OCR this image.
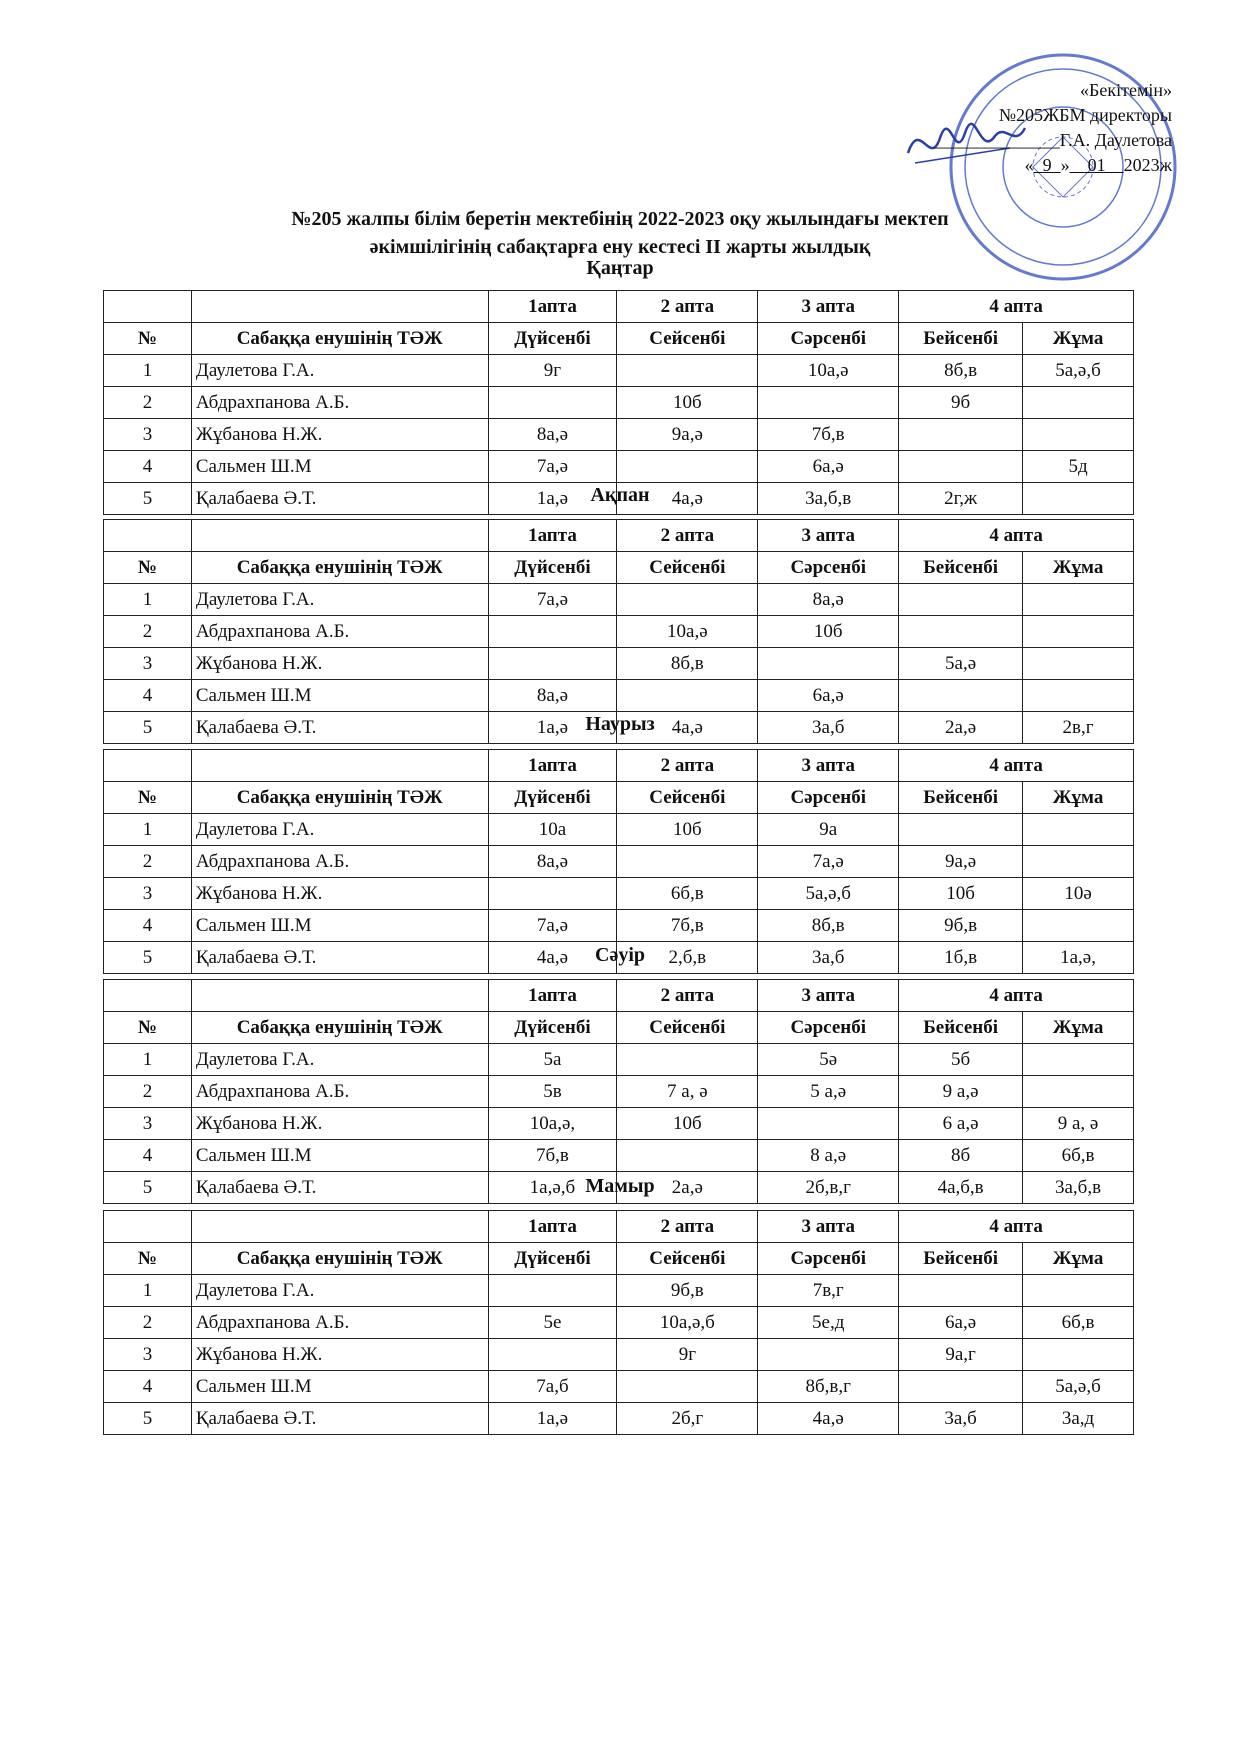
«Бекітемін»
№205ЖБМ директоры
______________Г.А. Даулетова
« 9 » 01 2023ж
№205 жалпы білім беретін мектебінің 2022-2023 оқу жылындағы мектеп
әкімшілігінің сабақтарға ену кестесі ІІ жарты жылдық
Қаңтар
		1апта	2 апта	3 апта	4 апта	
№	Сабаққа енушінің ТӘЖ	Дүйсенбі	Сейсенбі	Сәрсенбі	Бейсенбі	Жұма
1	Даулетова Г.А.	9г		10а,ә	8б,в	5а,ә,б
2	Абдрахпанова А.Б.		10б		9б	
3	Жұбанова Н.Ж.	8а,ә	9а,ә	7б,в		
4	Сальмен Ш.М	7а,ә		6а,ә		5д
5	Қалабаева Ә.Т.	1а,ә	4а,ә	3а,б,в	2г,ж	
Ақпан
		1апта	2 апта	3 апта	4 апта	
№	Сабаққа енушінің ТӘЖ	Дүйсенбі	Сейсенбі	Сәрсенбі	Бейсенбі	Жұма
1	Даулетова Г.А.	7а,ә		8а,ә		
2	Абдрахпанова А.Б.		10а,ә	10б		
3	Жұбанова Н.Ж.		8б,в		5а,ә	
4	Сальмен Ш.М	8а,ә		6а,ә		
5	Қалабаева Ә.Т.	1а,ә	4а,ә	3а,б	2а,ә	2в,г
Наурыз
		1апта	2 апта	3 апта	4 апта	
№	Сабаққа енушінің ТӘЖ	Дүйсенбі	Сейсенбі	Сәрсенбі	Бейсенбі	Жұма
1	Даулетова Г.А.	10а	10б	9а		
2	Абдрахпанова А.Б.	8а,ә		7а,ә	9а,ә	
3	Жұбанова Н.Ж.		6б,в	5а,ә,б	10б	10ә
4	Сальмен Ш.М	7а,ә	7б,в	8б,в	9б,в	
5	Қалабаева Ә.Т.	4а,ә	2,б,в	3а,б	1б,в	1а,ә,
Сәуір
		1апта	2 апта	3 апта	4 апта	
№	Сабаққа енушінің ТӘЖ	Дүйсенбі	Сейсенбі	Сәрсенбі	Бейсенбі	Жұма
1	Даулетова Г.А.	5а		5ә	5б	
2	Абдрахпанова А.Б.	5в	7 а, ә	5 а,ә	9 а,ә	
3	Жұбанова Н.Ж.	10а,ә,	10б		6 а,ә	9 а, ә
4	Сальмен Ш.М	7б,в		8 а,ә	8б	6б,в
5	Қалабаева Ә.Т.	1а,ә,б	2а,ә	2б,в,г	4а,б,в	3а,б,в
Мамыр
		1апта	2 апта	3 апта	4 апта	
№	Сабаққа енушінің ТӘЖ	Дүйсенбі	Сейсенбі	Сәрсенбі	Бейсенбі	Жұма
1	Даулетова Г.А.		9б,в	7в,г		
2	Абдрахпанова А.Б.	5е	10а,ә,б	5е,д	6а,ә	6б,в
3	Жұбанова Н.Ж.		9г		9а,г	
4	Сальмен Ш.М	7а,б		8б,в,г		5а,ә,б
5	Қалабаева Ә.Т.	1а,ә	2б,г	4а,ә	3а,б	3а,д
